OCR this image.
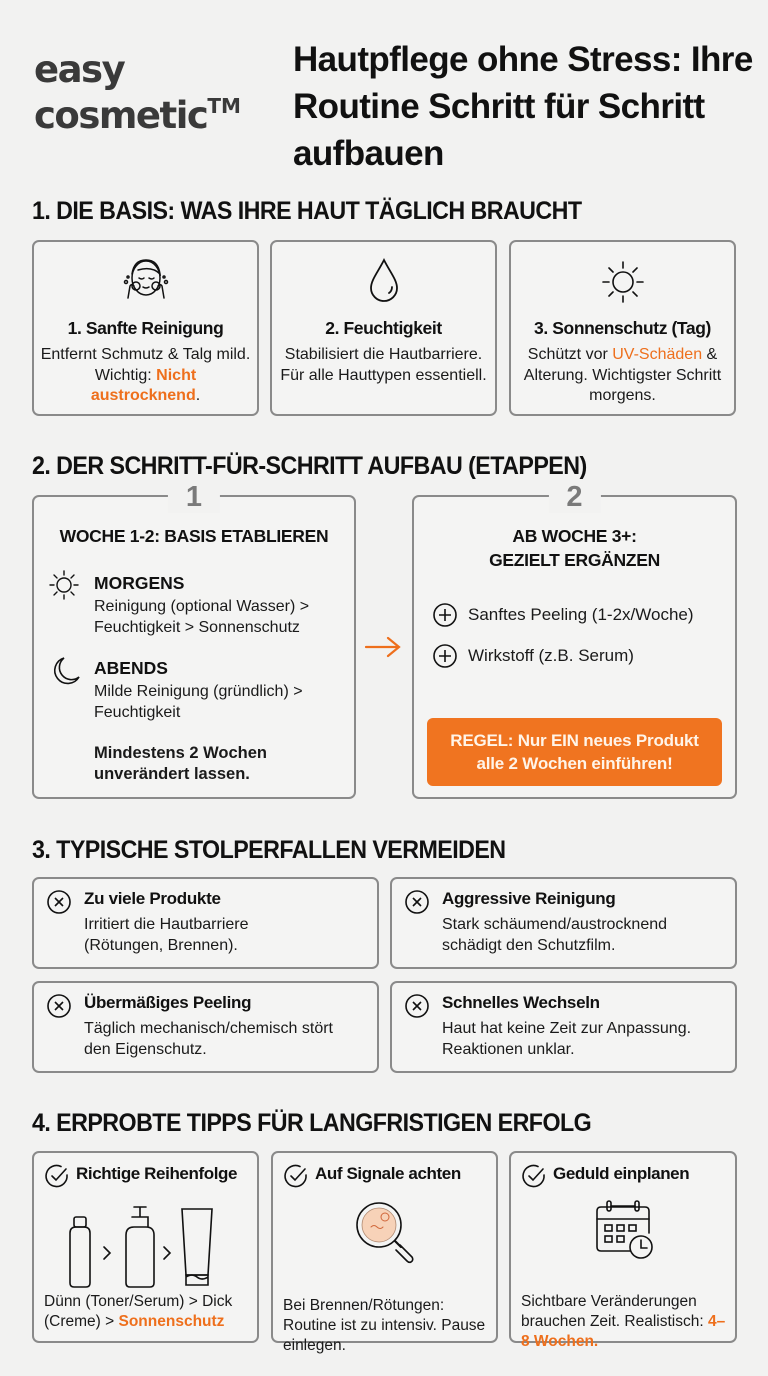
easy
cosmetic™
Hautpflege ohne Stress: Ihre Routine Schritt für Schritt aufbauen
1. DIE BASIS: WAS IHRE HAUT TÄGLICH BRAUCHT
1. Sanfte Reinigung
Entfernt Schmutz & Talg mild. Wichtig: Nicht austrocknend.
2. Feuchtigkeit
Stabilisiert die Hautbarriere. Für alle Hauttypen essentiell.
3. Sonnenschutz (Tag)
Schützt vor UV-Schäden & Alterung. Wichtigster Schritt morgens.
2. DER SCHRITT-FÜR-SCHRITT AUFBAU (ETAPPEN)
1
WOCHE 1-2: BASIS ETABLIEREN
MORGENS
Reinigung (optional Wasser) > Feuchtigkeit > Sonnenschutz
ABENDS
Milde Reinigung (gründlich) > Feuchtigkeit
Mindestens 2 Wochen unverändert lassen.
2
AB WOCHE 3+:
GEZIELT ERGÄNZEN
Sanftes Peeling (1-2x/Woche)
Wirkstoff (z.B. Serum)
REGEL: Nur EIN neues Produkt
alle 2 Wochen einführen!
3. TYPISCHE STOLPERFALLEN VERMEIDEN
Zu viele Produkte
Irritiert die Hautbarriere (Rötungen, Brennen).
Aggressive Reinigung
Stark schäumend/austrocknend schädigt den Schutzfilm.
Übermäßiges Peeling
Täglich mechanisch/chemisch stört den Eigenschutz.
Schnelles Wechseln
Haut hat keine Zeit zur Anpassung. Reaktionen unklar.
4. ERPROBTE TIPPS FÜR LANGFRISTIGEN ERFOLG
Richtige Reihenfolge
Dünn (Toner/Serum) > Dick (Creme) > Sonnenschutz
Auf Signale achten
Bei Brennen/Rötungen: Routine ist zu intensiv. Pause einlegen.
Geduld einplanen
Sichtbare Veränderungen brauchen Zeit. Realistisch: 4–8 Wochen.
